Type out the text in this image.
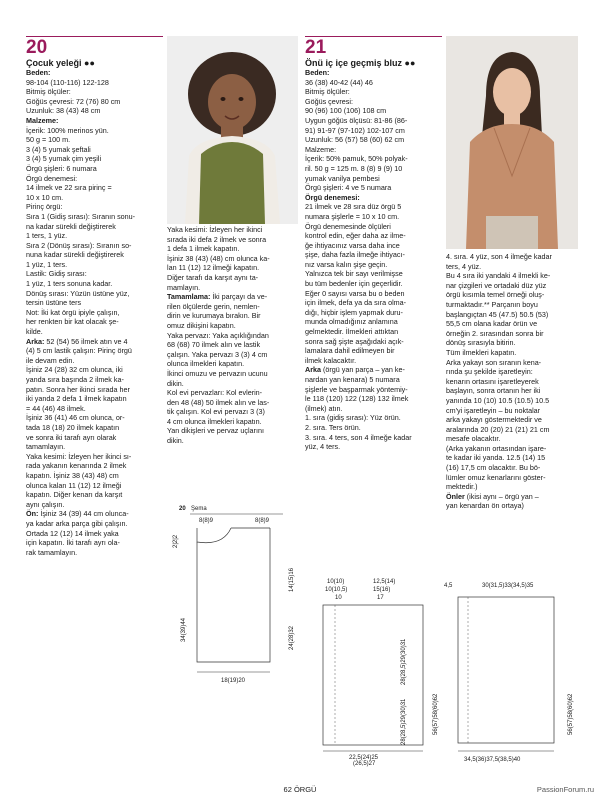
20
Çocuk yeleği ●●

Beden:

98-104 (110-116) 122-128

Bitmiş ölçüler:

Göğüs çevresi: 72 (76) 80 cm

Uzunluk: 38 (43) 48 cm

Malzeme:

İçerik: 100% merinos yün.

50 g = 100 m.

3 (4) 5 yumak şeftali

3 (4) 5 yumak çim yeşili

Örgü şişleri: 6 numara

Örgü denemesi:

14 ilmek ve 22 sıra pirinç =

10 x 10 cm.

Pirinç örgü:

Sıra 1 (Gidiş sırası): Sıranın sonu-

na kadar sürekli değiştirerek

1 ters, 1 yüz.

Sıra 2 (Dönüş sırası): Sıranın so-

nuna kadar sürekli değiştirerek

1 yüz, 1 ters.

Lastik: Gidiş sırası:

1 yüz, 1 ters sonuna kadar.

Dönüş sırası: Yüzün üstüne yüz,

tersin üstüne ters

Not: İki kat örgü ipiyle çalışın,

her renkten bir kat olacak şe-

kilde.

Arka: 52 (54) 56 ilmek atın ve 4

(4) 5 cm lastik çalışın: Pirinç örgü

ile devam edin.

İşiniz 24 (28) 32 cm olunca, iki

yanda sıra başında 2 ilmek ka-

patın. Sonra her ikinci sırada her

iki yanda 2 defa 1 ilmek kapatın

= 44 (46) 48 ilmek.

İşiniz 36 (41) 46 cm olunca, or-

tada 18 (18) 20 ilmek kapatın

ve sonra iki tarafı ayrı olarak

tamamlayın.

Yaka kesimi: İzleyen her ikinci sı-

rada yakanın kenarında 2 ilmek

kapatın. İşiniz 38 (43) 48) cm

olunca kalan 11 (12) 12 ilmeği

kapatın. Diğer kenarı da karşıt

aynı çalışın.

Ön: İşiniz 34 (39) 44 cm olunca-

ya kadar arka parça gibi çalışın.

Ortada 12 (12) 14 ilmek yaka

için kapatın. İki tarafı ayrı ola-

rak tamamlayın.

Yaka kesimi: İzleyen her ikinci

sırada iki defa 2 ilmek ve sonra

1 defa 1 ilmek kapatın.

İşiniz 38 (43) (48) cm olunca ka-

lan 11 (12) 12 ilmeği kapatın.

Diğer tarafı da karşıt aynı ta-

mamlayın.

Tamamlama: İki parçayı da ve-

rilen ölçülerde gerin, nemlen-

dirin ve kurumaya bırakın. Bir

omuz dikişini kapatın.

Yaka pervazı: Yaka açıklığından

68 (68) 70 ilmek alın ve lastik

çalışın. Yaka pervazı 3 (3) 4 cm

olunca ilmekleri kapatın.

İkinci omuzu ve pervazın ucunu

dikin.

Kol evi pervazları: Kol evlerin-

den 48 (48) 50 ilmek alın ve las-

tik çalışın. Kol evi pervazı 3 (3)

4 cm olunca ilmekleri kapatın.

Yan dikişleri ve pervaz uçlarını

dikin.

20 Şema
8(8)9	8(8)9
2|2|2
14(15)16
34(39)44	24(28)32
18(19)20
21
Önü iç içe geçmiş bluz ●●

Beden:

36 (38) 40-42 (44) 46

Bitmiş ölçüler:

Göğüs çevresi:

90 (96) 100 (106) 108 cm

Uygun göğüs ölçüsü: 81-86 (86-

91) 91-97 (97-102) 102-107 cm

Uzunluk: 56 (57) 58 (60) 62 cm

Malzeme:

İçerik: 50% pamuk, 50% polyak-

ril. 50 g = 125 m. 8 (8) 9 (9) 10

yumak vanilya pembesi

Örgü şişleri: 4 ve 5 numara

Örgü denemesi:

21 ilmek ve 28 sıra düz örgü 5

numara şişlerle = 10 x 10 cm.

Örgü denemesinde ölçüleri

kontrol edin, eğer daha az ilme-

ğe ihtiyacınız varsa daha ince

şişe, daha fazla ilmeğe ihtiyacı-

nız varsa kalın şişe geçin.

Yalnızca tek bir sayı verilmişse

bu tüm bedenler için geçerlidir.

Eğer 0 sayısı varsa bu o beden

için ilmek, defa ya da sıra olma-

dığı, hiçbir işlem yapmak duru-

munda olmadığınız anlamına

gelmektedir. İlmekleri attıktan

sonra sağ şişte aşağıdaki açık-

lamalara dahil edilmeyen bir

ilmek kalacaktır.

Arka (örgü yan parça – yan ke-

nardan yan kenara) 5 numara

şişlerle ve başparmak yöntemiy-

le 118 (120) 122 (128) 132 ilmek

(ilmek) atın.

1. sıra (gidiş sırası): Yüz örün.

2. sıra. Ters örün.

3. sıra. 4 ters, son 4 ilmeğe kadar

yüz, 4 ters.

4. sıra. 4 yüz, son 4 ilmeğe kadar

ters, 4 yüz.

Bu 4 sıra iki yandaki 4 ilmekli ke-

nar çizgileri ve ortadaki düz yüz

örgü kısımla temel örneği oluş-

turmaktadır.** Parçanın boyu

başlangıçtan 45 (47.5) 50.5 (53)

55,5 cm olana kadar örün ve

örneğin 2. sırasından sonra bir

dönüş sırasıyla bitirin.

Tüm ilmekleri kapatın.

Arka yakayı son sıranın kena-

rında şu şekilde işaretleyin:

kenarın ortasını işaretleyerek

başlayın, sonra ortanın her iki

yanında 10 (10) 10.5 (10.5) 10.5

cm'yi işaretleyin – bu noktalar

arka yakayı göstermektedir ve

aralarında 20 (20) 21 (21) 21 cm

mesafe olacaktır.

(Arka yakanın ortasından işare-

te kadar iki yanda. 12.5 (14) 15

(16) 17,5 cm olacaktır. Bu bö-

lümler omuz kenarlarını göster-

mektedir.)

Önler (ikisi aynı – örgü yan –

yan kenardan ön ortaya)

10(10)
10(10,5)
10
12,5(14)
15(16)
17
28(28,5)29(30)31
28(28,5)29(30)31	56(57)58(60)62
22,5(24)25
(26,5)27
4,5	30(31,5)33(34,5)35
56(57)58(60)62
34,5(36)37,5(38,5)40
62 ÖRGÜ	PassionForum.ru
